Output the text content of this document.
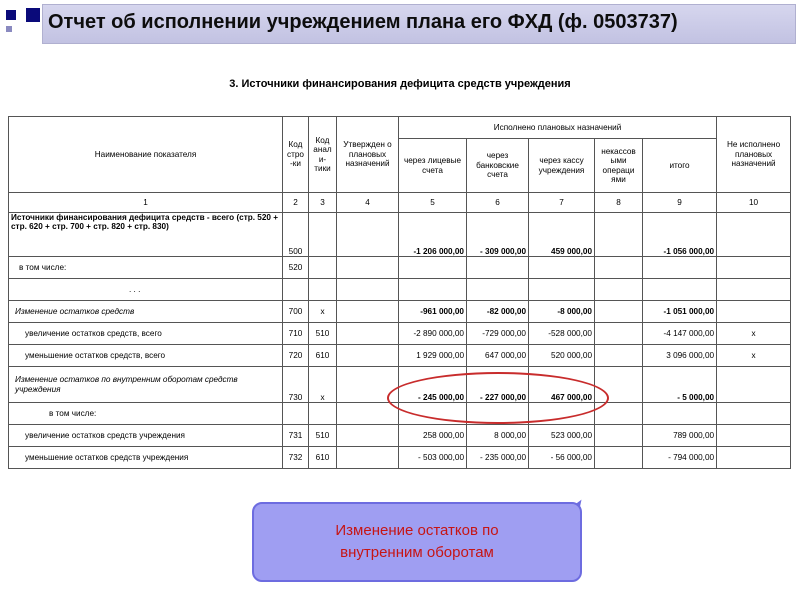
Отчет об исполнении учреждением плана его ФХД (ф. 0503737)
3. Источники финансирования дефицита средств учреждения
Наименование показателя	Код стро -ки	Код анал и- тики	Утвержден о плановых назначений	Исполнено плановых назначений					Не исполнено плановых назначений
				через лицевые счета	через банковские счета	через кассу учреждения	некассов ыми операци ями	итого	
1	2	3	4	5	6	7	8	9	10
Источники финансирования дефицита средств - всего (стр. 520 + стр. 620 + стр. 700 + стр. 820 + стр. 830)	500			-1 206 000,00	- 309 000,00	459 000,00		-1 056 000,00	
в том числе:	520								
. . .									
Изменение остатков средств	700	x		-961 000,00	-82 000,00	-8 000,00		-1 051 000,00	
увеличение остатков средств, всего	710	510		-2 890 000,00	-729 000,00	-528 000,00		-4 147 000,00	x
уменьшение остатков средств, всего	720	610		1 929 000,00	647 000,00	520 000,00		3 096 000,00	x
Изменение остатков по внутренним оборотам средств учреждения	730	x		- 245 000,00	- 227 000,00	467 000,00		- 5 000,00	
в том числе:									
увеличение остатков средств учреждения	731	510		258 000,00	8 000,00	523 000,00		789 000,00	
уменьшение остатков средств учреждения	732	610		- 503 000,00	- 235 000,00	- 56 000,00		- 794 000,00	
Изменение остатков по
внутренним оборотам
